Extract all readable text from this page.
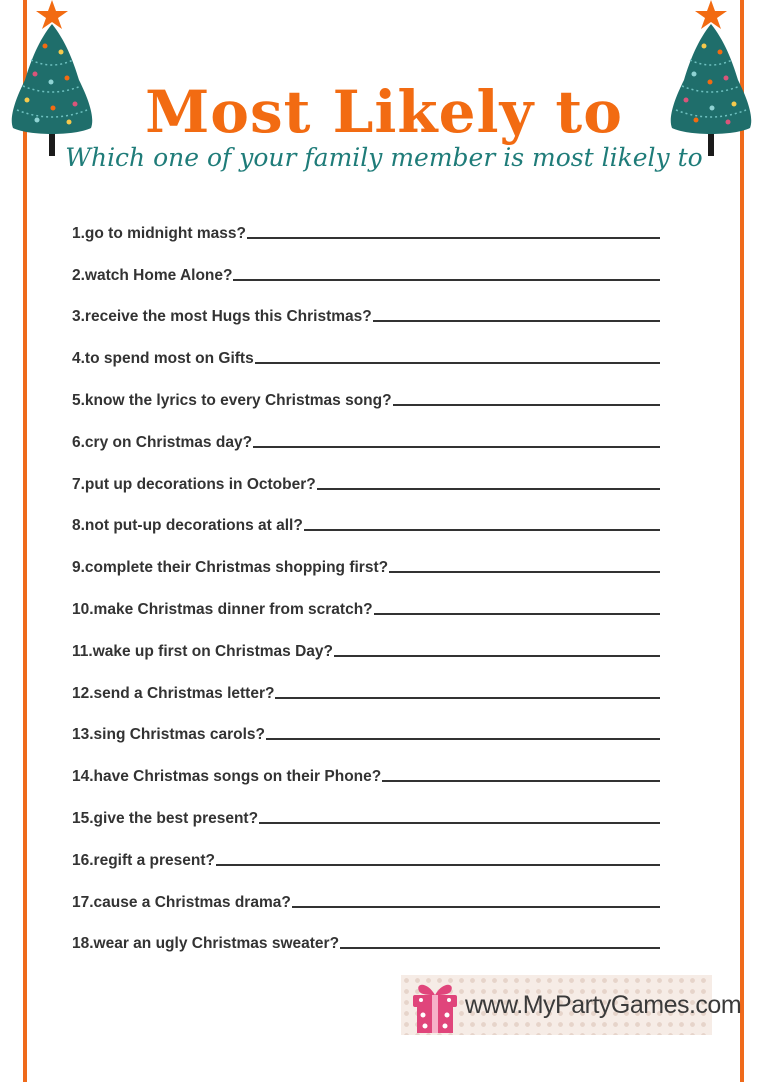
Most Likely to
Which one of your family member is most likely to
1.go to midnight mass?
2.watch Home Alone?
3.receive the most Hugs this Christmas?
4.to spend most on Gifts
5.know the lyrics to every Christmas song?
6.cry on Christmas day?
7.put up decorations in October?
8.not put-up decorations at all?
9.complete their Christmas shopping first?
10.make Christmas dinner from scratch?
11.wake up first on Christmas Day?
12.send a Christmas letter?
13.sing Christmas carols?
14.have Christmas songs on their Phone?
15.give the best present?
16.regift a present?
17.cause a Christmas drama?
18.wear an ugly Christmas sweater?
www.MyPartyGames.com
